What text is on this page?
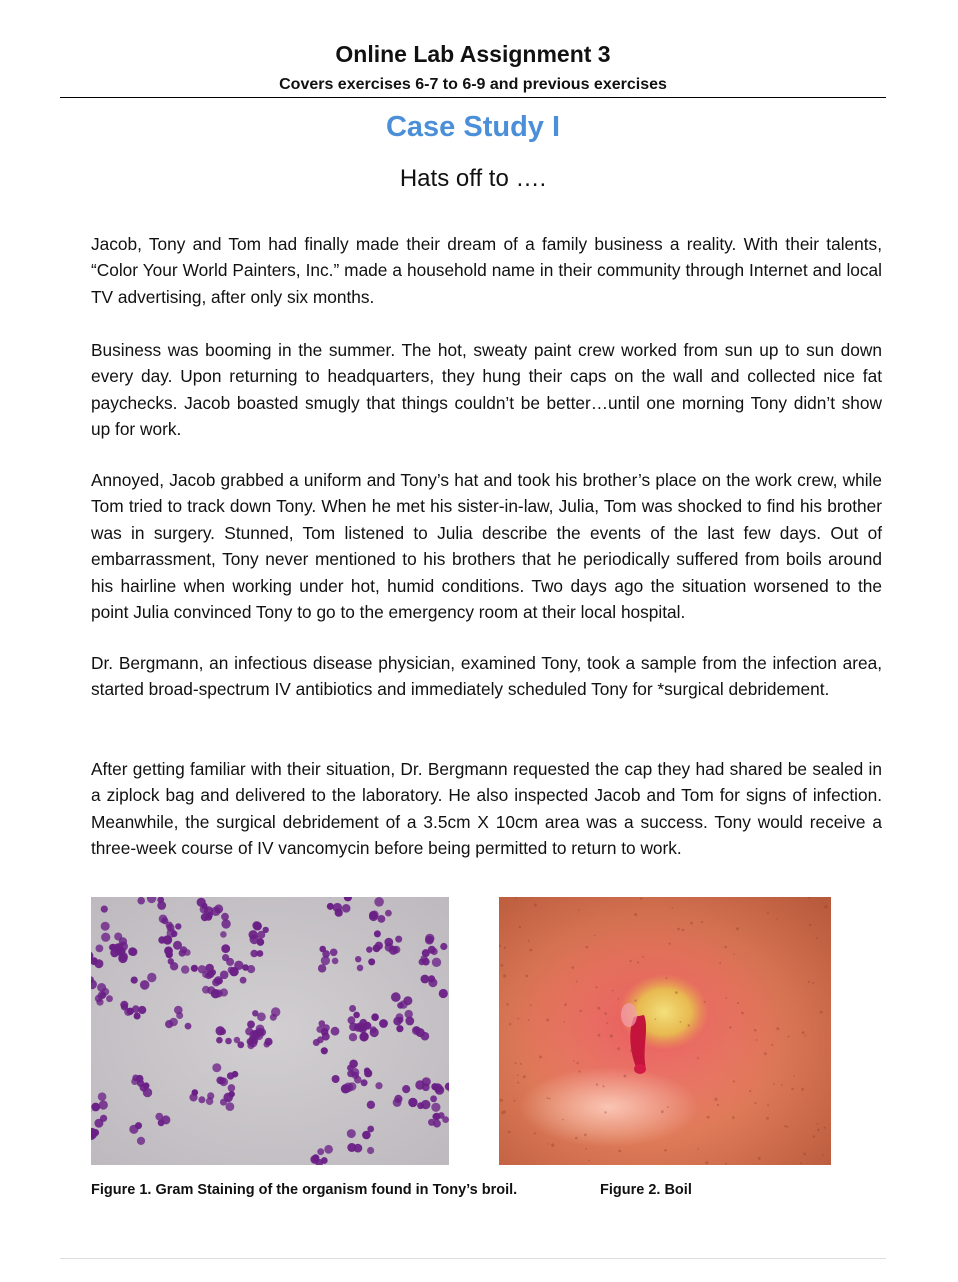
Online Lab Assignment 3
Covers exercises 6-7 to 6-9 and previous exercises
Case Study I
Hats off to ….

Jacob, Tony and Tom had finally made their dream of a family business a reality. With their talents, “Color Your World Painters, Inc.” made a household name in their community through Internet and local TV advertising, after only six months.

Business was booming in the summer. The hot, sweaty paint crew worked from sun up to sun down every day. Upon returning to headquarters, they hung their caps on the wall and collected nice fat paychecks. Jacob boasted smugly that things couldn’t be better…until one morning Tony didn’t show up for work.

Annoyed, Jacob grabbed a uniform and Tony’s hat and took his brother’s place on the work crew, while Tom tried to track down Tony. When he met his sister-in-law, Julia, Tom was shocked to find his brother was in surgery. Stunned, Tom listened to Julia describe the events of the last few days. Out of embarrassment, Tony never mentioned to his brothers that he periodically suffered from boils around his hairline when working under hot, humid conditions. Two days ago the situation worsened to the point Julia convinced Tony to go to the emergency room at their local hospital.

Dr. Bergmann, an infectious disease physician, examined Tony, took a sample from the infection area, started broad-spectrum IV antibiotics and immediately scheduled Tony for *surgical debridement.

After getting familiar with their situation, Dr. Bergmann requested the cap they had shared be sealed in a ziplock bag and delivered to the laboratory. He also inspected Jacob and Tom for signs of infection. Meanwhile, the surgical debridement of a 3.5cm X 10cm area was a success. Tony would receive a three-week course of IV vancomycin before being permitted to return to work.

Figure 1. Gram Staining of the organism found in Tony’s broil.	Figure 2. Boil
